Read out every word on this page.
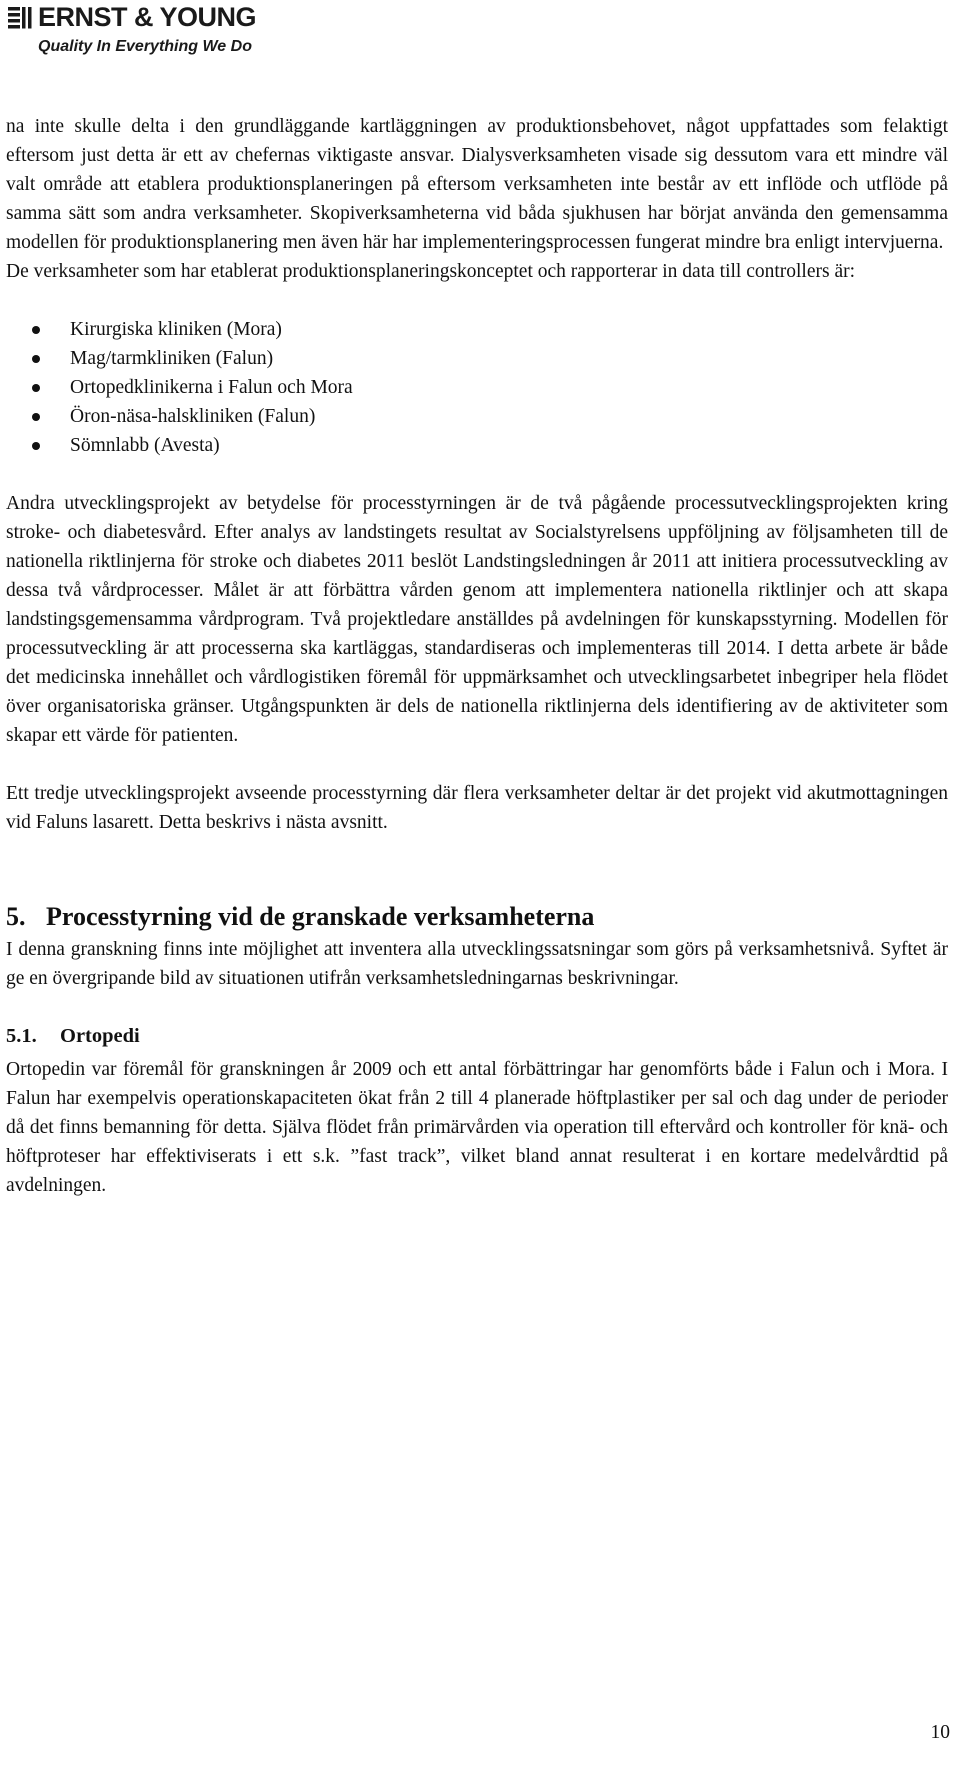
ERNST & YOUNG
Quality In Everything We Do

na inte skulle delta i den grundläggande kartläggningen av produktionsbehovet, något uppfattades som felaktigt eftersom just detta är ett av chefernas viktigaste ansvar. Dialysverksamheten visade sig dessutom vara ett mindre väl valt område att etablera produktionsplaneringen på eftersom verksamheten inte består av ett inflöde och utflöde på samma sätt som andra verksamheter. Skopiverksamheterna vid båda sjukhusen har börjat använda den gemensamma modellen för produktionsplanering men även här har implementeringsprocessen fungerat mindre bra enligt intervjuerna.

De verksamheter som har etablerat produktionsplaneringskonceptet och rapporterar in data till controllers är:

Kirurgiska kliniken (Mora)
Mag/tarmkliniken (Falun)
Ortopedklinikerna i Falun och Mora
Öron-näsa-halskliniken (Falun)
Sömnlabb (Avesta)

Andra utvecklingsprojekt av betydelse för processtyrningen är de två pågående processutvecklingsprojekten kring stroke- och diabetesvård. Efter analys av landstingets resultat av Socialstyrelsens uppföljning av följsamheten till de nationella riktlinjerna för stroke och diabetes 2011 beslöt Landstingsledningen år 2011 att initiera processutveckling av dessa två vårdprocesser. Målet är att förbättra vården genom att implementera nationella riktlinjer och att skapa landstingsgemensamma vårdprogram. Två projektledare anställdes på avdelningen för kunskapsstyrning. Modellen för processutveckling är att processerna ska kartläggas, standardiseras och implementeras till 2014. I detta arbete är både det medicinska innehållet och vårdlogistiken föremål för uppmärksamhet och utvecklingsarbetet inbegriper hela flödet över organisatoriska gränser. Utgångspunkten är dels de nationella riktlinjerna dels identifiering av de aktiviteter som skapar ett värde för patienten.

Ett tredje utvecklingsprojekt avseende processtyrning där flera verksamheter deltar är det projekt vid akutmottagningen vid Faluns lasarett. Detta beskrivs i nästa avsnitt.

5. Processtyrning vid de granskade verksamheterna

I denna granskning finns inte möjlighet att inventera alla utvecklingssatsningar som görs på verksamhetsnivå. Syftet är ge en övergripande bild av situationen utifrån verksamhetsledningarnas beskrivningar.

5.1. Ortopedi

Ortopedin var föremål för granskningen år 2009 och ett antal förbättringar har genomförts både i Falun och i Mora. I Falun har exempelvis operationskapaciteten ökat från 2 till 4 planerade höftplastiker per sal och dag under de perioder då det finns bemanning för detta. Själva flödet från primärvården via operation till eftervård och kontroller för knä- och höftproteser har effektiviserats i ett s.k. ”fast track”, vilket bland annat resulterat i en kortare medelvårdtid på avdelningen.

10
